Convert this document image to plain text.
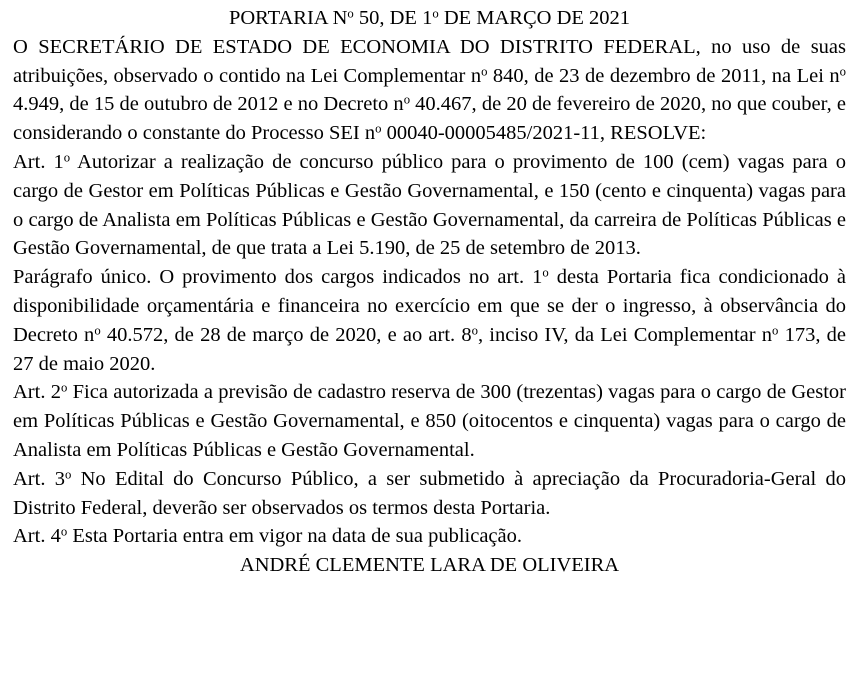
PORTARIA $N^o$ 50, DE 1$^o$ DE MARÇO DE 2021

O SECRETÁRIO DE ESTADO DE ECONOMIA DO DISTRITO FEDERAL, no uso de suas atribuições, observado o contido na Lei Complementar $n^o$ 840, de 23 de dezembro de 2011, na Lei $n^o$ 4.949, de 15 de outubro de 2012 e no Decreto $n^o$ 40.467, de 20 de fevereiro de 2020, no que couber, e considerando o constante do Processo SEI $n^o$ 00040-00005485/2021-11, RESOLVE:

Art. 1$^o$ Autorizar a realização de concurso público para o provimento de 100 (cem) vagas para o cargo de Gestor em Políticas Públicas e Gestão Governamental, e 150 (cento e cinquenta) vagas para o cargo de Analista em Políticas Públicas e Gestão Governamental, da carreira de Políticas Públicas e Gestão Governamental, de que trata a Lei 5.190, de 25 de setembro de 2013.

Parágrafo único. O provimento dos cargos indicados no art. 1$^o$ desta Portaria fica condicionado à disponibilidade orçamentária e financeira no exercício em que se der o ingresso, à observância do Decreto $n^o$ 40.572, de 28 de março de 2020, e ao art. 8$^o$, inciso IV, da Lei Complementar $n^o$ 173, de 27 de maio 2020.

Art. 2$^o$ Fica autorizada a previsão de cadastro reserva de 300 (trezentas) vagas para o cargo de Gestor em Políticas Públicas e Gestão Governamental, e 850 (oitocentos e cinquenta) vagas para o cargo de Analista em Políticas Públicas e Gestão Governamental.

Art. 3$^o$ No Edital do Concurso Público, a ser submetido à apreciação da Procuradoria-Geral do Distrito Federal, deverão ser observados os termos desta Portaria.

Art. 4$^o$ Esta Portaria entra em vigor na data de sua publicação.

ANDRÉ CLEMENTE LARA DE OLIVEIRA
